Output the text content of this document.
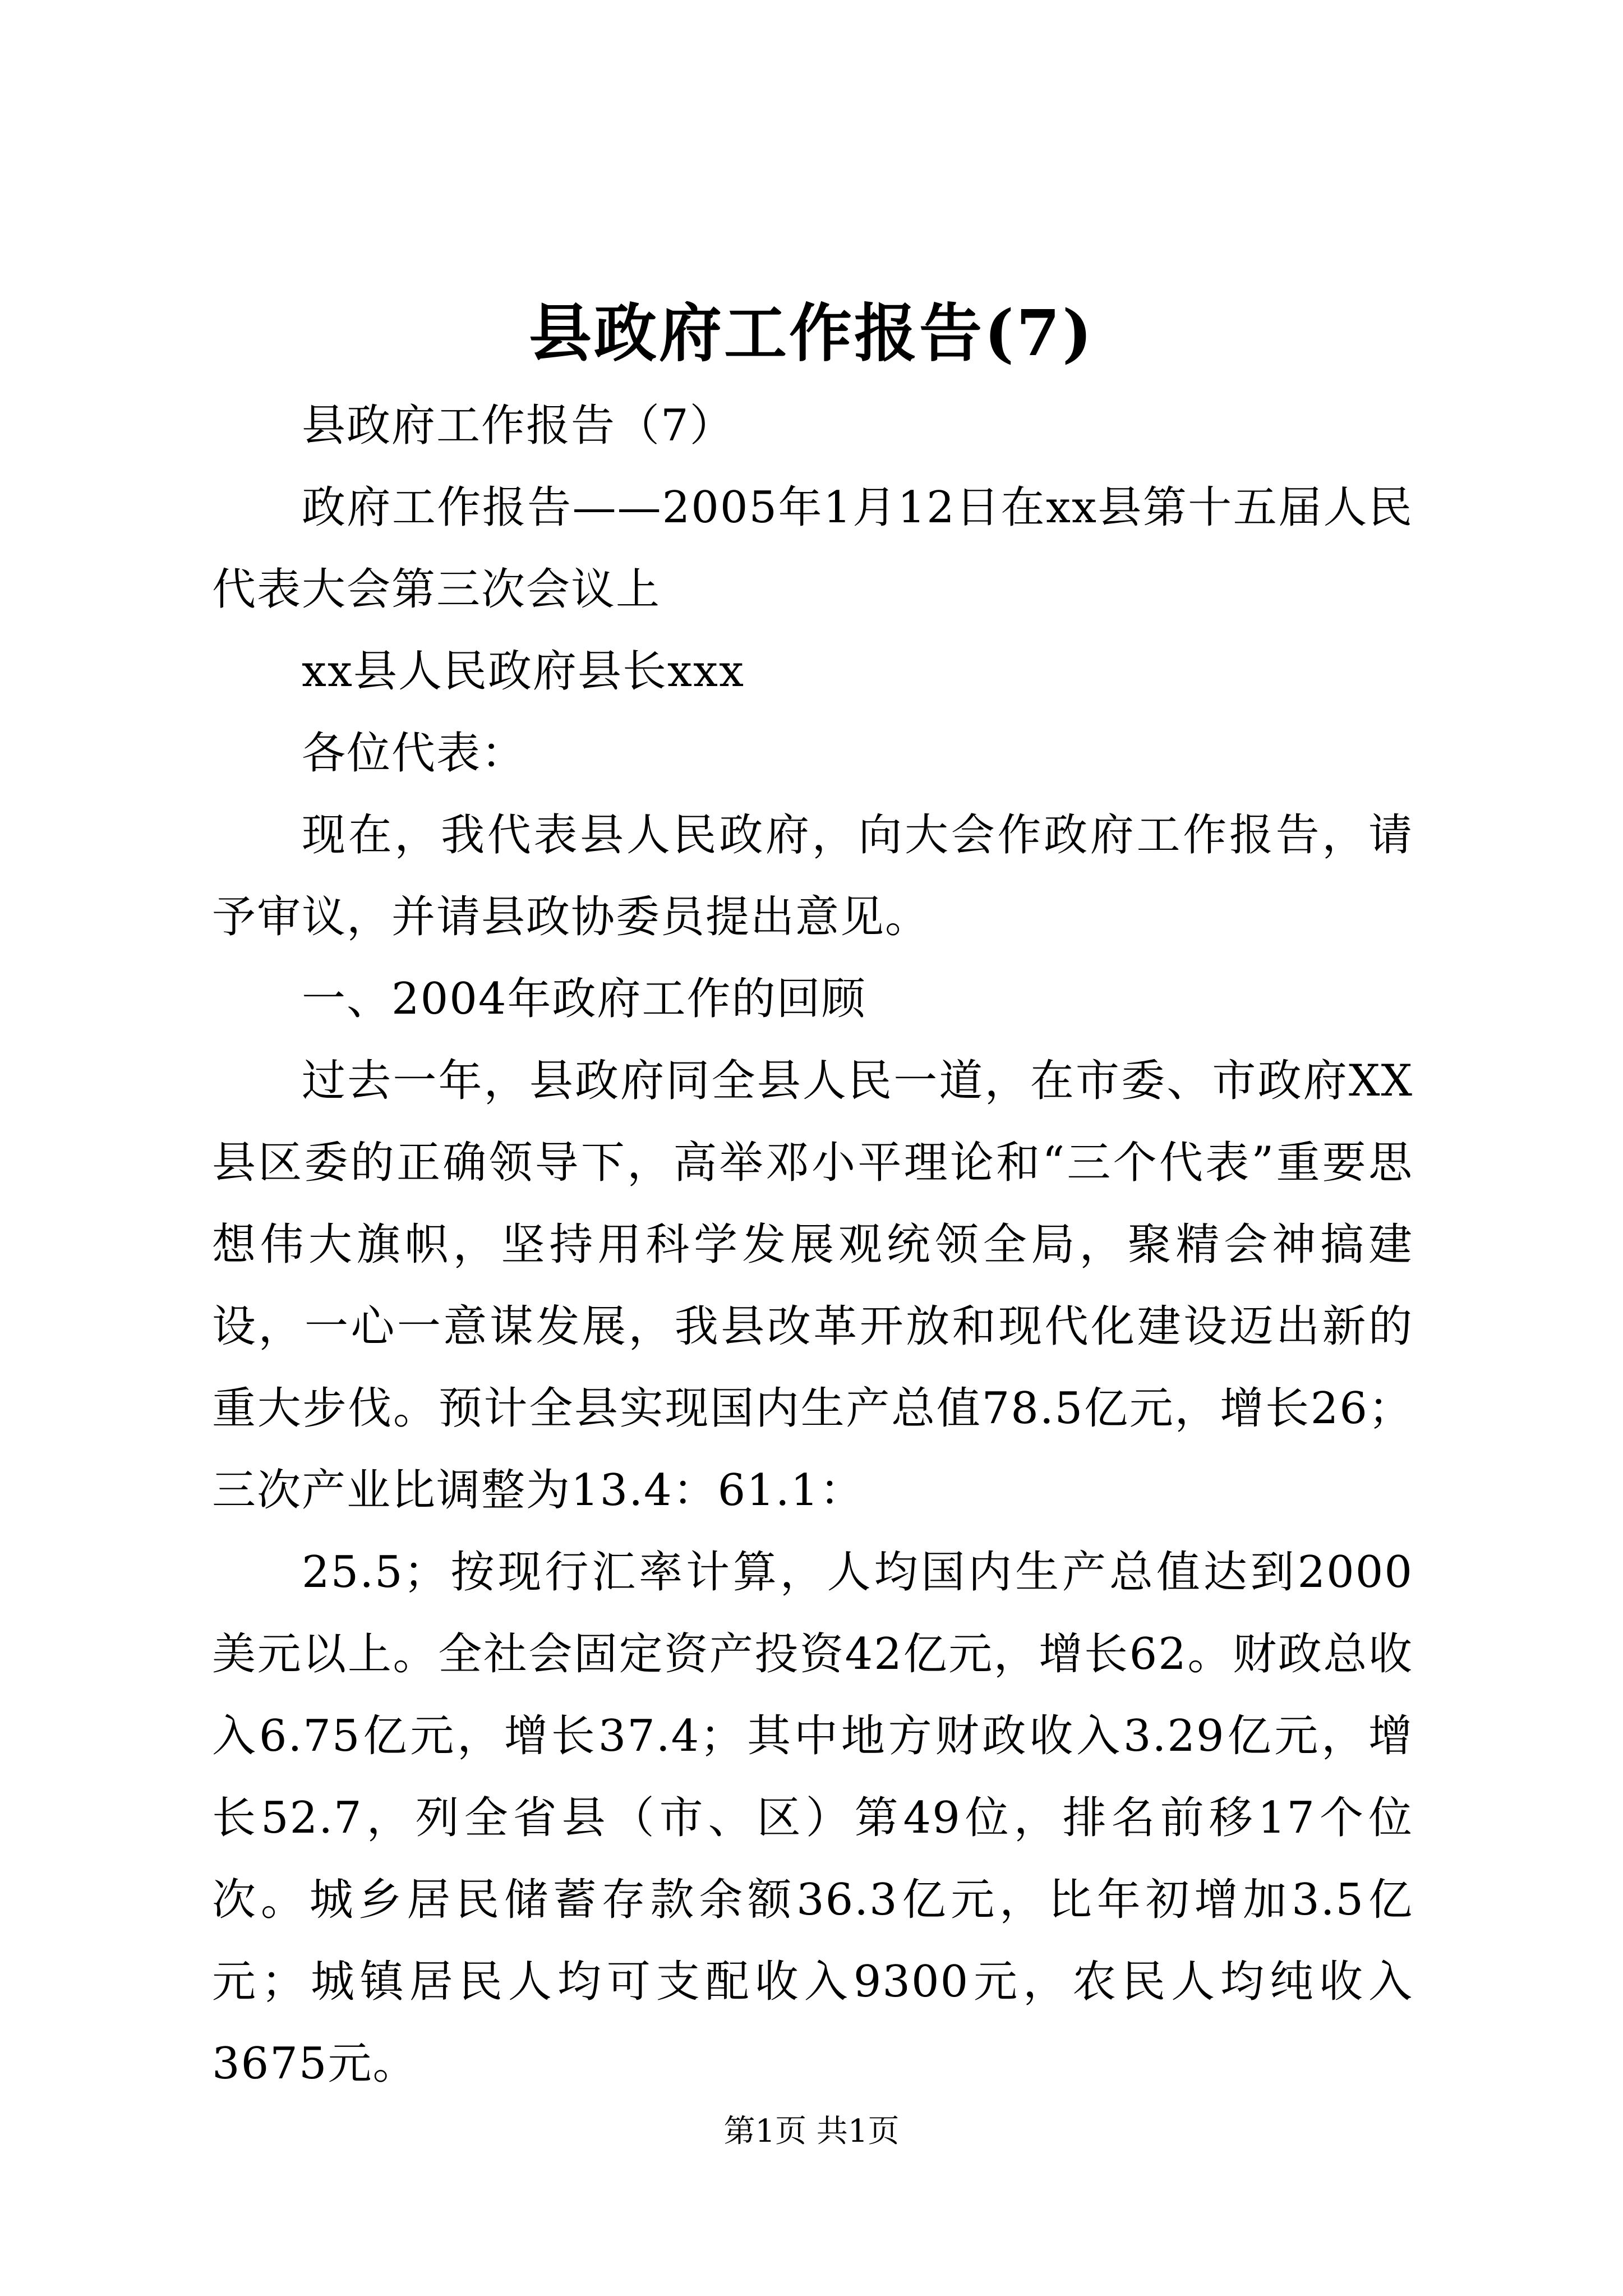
县政府工作报告(7)

县政府工作报告（7）

政府工作报告——2005年1月12日在xx县第十五届人民代表大会第三次会议上

xx县人民政府县长xxx

各位代表：

现在，我代表县人民政府，向大会作政府工作报告，请予审议，并请县政协委员提出意见。

一、2004年政府工作的回顾

过去一年，县政府同全县人民一道，在市委、市政府XX县区委的正确领导下，高举邓小平理论和“三个代表”重要思想伟大旗帜，坚持用科学发展观统领全局，聚精会神搞建设，一心一意谋发展，我县改革开放和现代化建设迈出新的重大步伐。预计全县实现国内生产总值78.5亿元，增长26；三次产业比调整为13.4：61.1：

25.5；按现行汇率计算，人均国内生产总值达到2000美元以上。全社会固定资产投资42亿元，增长62。财政总收入6.75亿元，增长37.4；其中地方财政收入3.29亿元，增长52.7，列全省县（市、区）第49位，排名前移17个位次。城乡居民储蓄存款余额36.3亿元，比年初增加3.5亿元；城镇居民人均可支配收入9300元，农民人均纯收入3675元。

第1页 共1页
